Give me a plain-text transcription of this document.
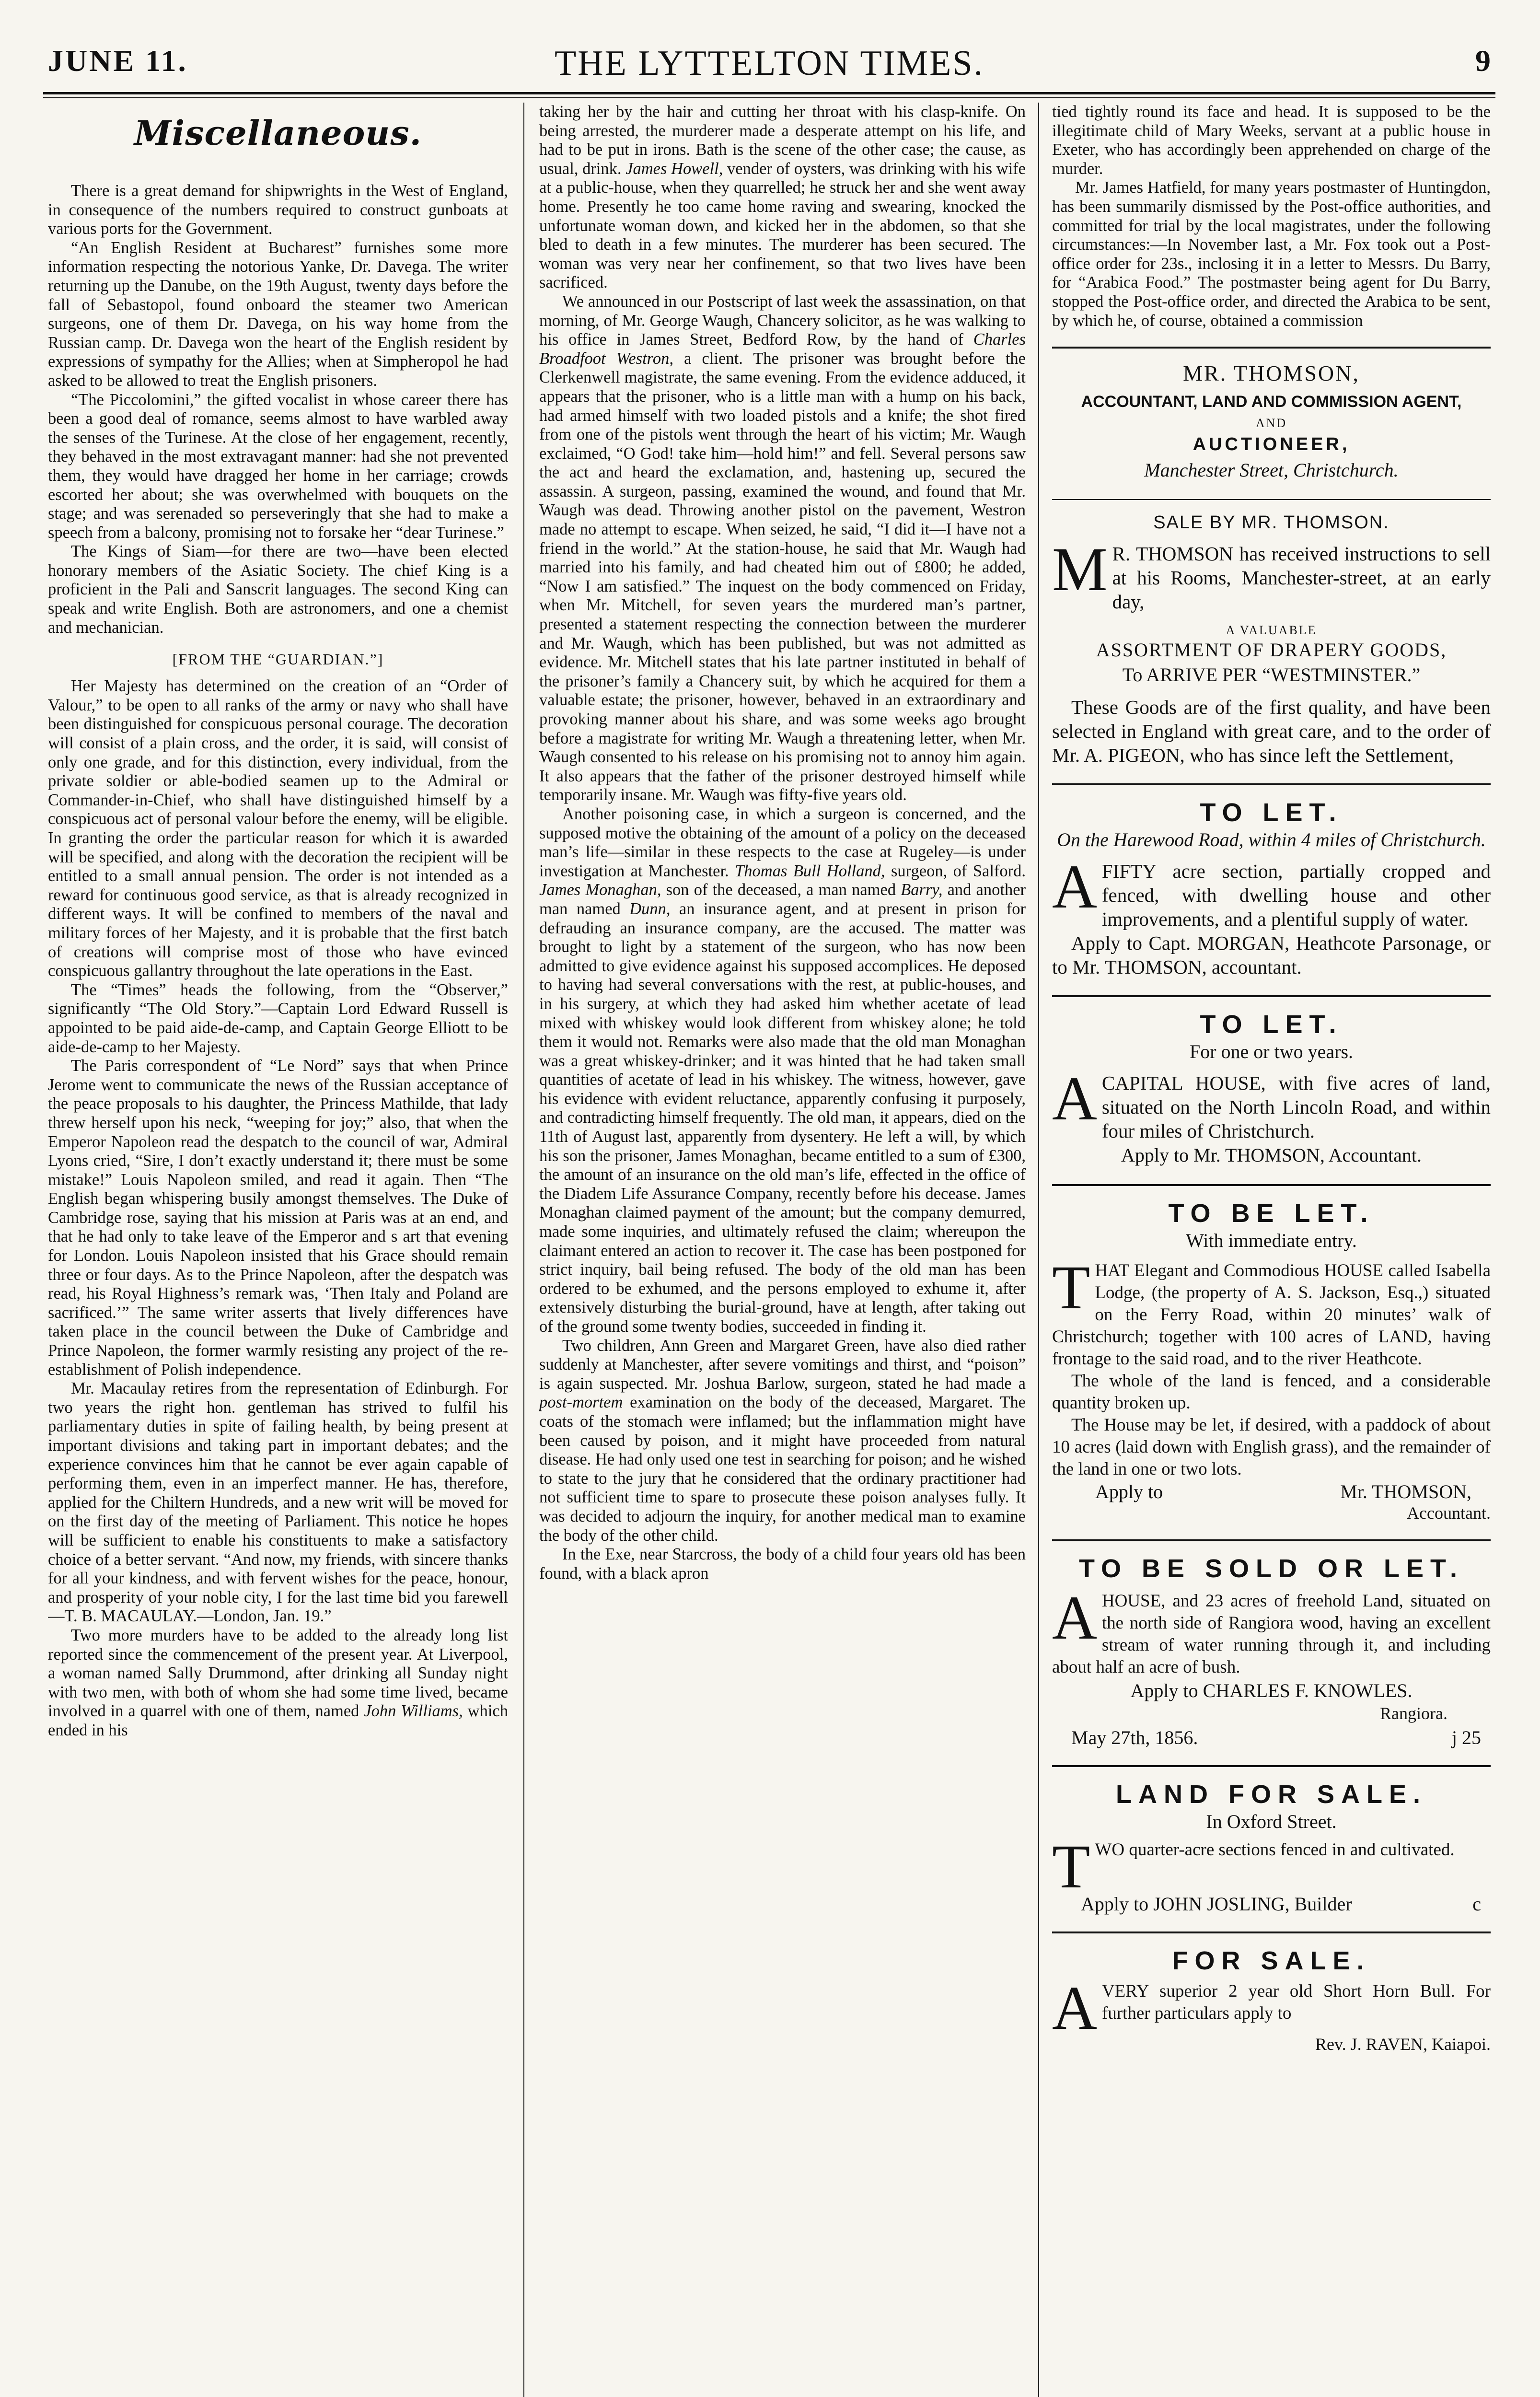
THE LYTTELTON TIMES.
JUNE 11.	9
Miscellaneous.

There is a great demand for shipwrights in the West of England, in consequence of the numbers required to construct gunboats at various ports for the Government.

“An English Resident at Bucharest” furnishes some more information respecting the notorious Yanke, Dr. Davega. The writer returning up the Danube, on the 19th August, twenty days before the fall of Sebastopol, found onboard the steamer two American surgeons, one of them Dr. Davega, on his way home from the Russian camp. Dr. Davega won the heart of the English resident by expressions of sympathy for the Allies; when at Simpheropol he had asked to be allowed to treat the English prisoners.

“The Piccolomini,” the gifted vocalist in whose career there has been a good deal of romance, seems almost to have warbled away the senses of the Turinese. At the close of her engagement, recently, they behaved in the most extravagant manner: had she not prevented them, they would have dragged her home in her carriage; crowds escorted her about; she was overwhelmed with bouquets on the stage; and was serenaded so perseveringly that she had to make a speech from a balcony, promising not to forsake her “dear Turinese.”

The Kings of Siam—for there are two—have been elected honorary members of the Asiatic Society. The chief King is a proficient in the Pali and Sanscrit languages. The second King can speak and write English. Both are astronomers, and one a chemist and mechanician.

[FROM THE “GUARDIAN.”]

Her Majesty has determined on the creation of an “Order of Valour,” to be open to all ranks of the army or navy who shall have been distinguished for conspicuous personal courage. The decoration will consist of a plain cross, and the order, it is said, will consist of only one grade, and for this distinction, every individual, from the private soldier or able-bodied seamen up to the Admiral or Commander-in-Chief, who shall have distinguished himself by a conspicuous act of personal valour before the enemy, will be eligible. In granting the order the particular reason for which it is awarded will be specified, and along with the decoration the recipient will be entitled to a small annual pension. The order is not intended as a reward for continuous good service, as that is already recognized in different ways. It will be confined to members of the naval and military forces of her Majesty, and it is probable that the first batch of creations will comprise most of those who have evinced conspicuous gallantry throughout the late operations in the East.

The “Times” heads the following, from the “Observer,” significantly “The Old Story.”—Captain Lord Edward Russell is appointed to be paid aide-de-camp, and Captain George Elliott to be aide-de-camp to her Majesty.

The Paris correspondent of “Le Nord” says that when Prince Jerome went to communicate the news of the Russian acceptance of the peace proposals to his daughter, the Princess Mathilde, that lady threw herself upon his neck, “weeping for joy;” also, that when the Emperor Napoleon read the despatch to the council of war, Admiral Lyons cried, “Sire, I don’t exactly understand it; there must be some mistake!” Louis Napoleon smiled, and read it again. Then “The English began whispering busily amongst themselves. The Duke of Cambridge rose, saying that his mission at Paris was at an end, and that he had only to take leave of the Emperor and s art that evening for London. Louis Napoleon insisted that his Grace should remain three or four days. As to the Prince Napoleon, after the despatch was read, his Royal Highness’s remark was, ‘Then Italy and Poland are sacrificed.’” The same writer asserts that lively differences have taken place in the council between the Duke of Cambridge and Prince Napoleon, the former warmly resisting any project of the re-establishment of Polish independence.

Mr. Macaulay retires from the representation of Edinburgh. For two years the right hon. gentleman has strived to fulfil his parliamentary duties in spite of failing health, by being present at important divisions and taking part in important debates; and the experience convinces him that he cannot be ever again capable of performing them, even in an imperfect manner. He has, therefore, applied for the Chiltern Hundreds, and a new writ will be moved for on the first day of the meeting of Parliament. This notice he hopes will be sufficient to enable his constituents to make a satisfactory choice of a better servant. “And now, my friends, with sincere thanks for all your kindness, and with fervent wishes for the peace, honour, and prosperity of your noble city, I for the last time bid you farewell—T. B. MACAULAY.—London, Jan. 19.”

Two more murders have to be added to the already long list reported since the commencement of the present year. At Liverpool, a woman named Sally Drummond, after drinking all Sunday night with two men, with both of whom she had some time lived, became involved in a quarrel with one of them, named John Williams, which ended in his

taking her by the hair and cutting her throat with his clasp-knife. On being arrested, the murderer made a desperate attempt on his life, and had to be put in irons. Bath is the scene of the other case; the cause, as usual, drink. James Howell, vender of oysters, was drinking with his wife at a public-house, when they quarrelled; he struck her and she went away home. Presently he too came home raving and swearing, knocked the unfortunate woman down, and kicked her in the abdomen, so that she bled to death in a few minutes. The murderer has been secured. The woman was very near her confinement, so that two lives have been sacrificed.

We announced in our Postscript of last week the assassination, on that morning, of Mr. George Waugh, Chancery solicitor, as he was walking to his office in James Street, Bedford Row, by the hand of Charles Broadfoot Westron, a client. The prisoner was brought before the Clerkenwell magistrate, the same evening. From the evidence adduced, it appears that the prisoner, who is a little man with a hump on his back, had armed himself with two loaded pistols and a knife; the shot fired from one of the pistols went through the heart of his victim; Mr. Waugh exclaimed, “O God! take him—hold him!” and fell. Several persons saw the act and heard the exclamation, and, hastening up, secured the assassin. A surgeon, passing, examined the wound, and found that Mr. Waugh was dead. Throwing another pistol on the pavement, Westron made no attempt to escape. When seized, he said, “I did it—I have not a friend in the world.” At the station-house, he said that Mr. Waugh had married into his family, and had cheated him out of £800; he added, “Now I am satisfied.” The inquest on the body commenced on Friday, when Mr. Mitchell, for seven years the murdered man’s partner, presented a statement respecting the connection between the murderer and Mr. Waugh, which has been published, but was not admitted as evidence. Mr. Mitchell states that his late partner instituted in behalf of the prisoner’s family a Chancery suit, by which he acquired for them a valuable estate; the prisoner, however, behaved in an extraordinary and provoking manner about his share, and was some weeks ago brought before a magistrate for writing Mr. Waugh a threatening letter, when Mr. Waugh consented to his release on his promising not to annoy him again. It also appears that the father of the prisoner destroyed himself while temporarily insane. Mr. Waugh was fifty-five years old.

Another poisoning case, in which a surgeon is concerned, and the supposed motive the obtaining of the amount of a policy on the deceased man’s life—similar in these respects to the case at Rugeley—is under investigation at Manchester. Thomas Bull Holland, surgeon, of Salford. James Monaghan, son of the deceased, a man named Barry, and another man named Dunn, an insurance agent, and at present in prison for defrauding an insurance company, are the accused. The matter was brought to light by a statement of the surgeon, who has now been admitted to give evidence against his supposed accomplices. He deposed to having had several conversations with the rest, at public-houses, and in his surgery, at which they had asked him whether acetate of lead mixed with whiskey would look different from whiskey alone; he told them it would not. Remarks were also made that the old man Monaghan was a great whiskey-drinker; and it was hinted that he had taken small quantities of acetate of lead in his whiskey. The witness, however, gave his evidence with evident reluctance, apparently confusing it purposely, and contradicting himself frequently. The old man, it appears, died on the 11th of August last, apparently from dysentery. He left a will, by which his son the prisoner, James Monaghan, became entitled to a sum of £300, the amount of an insurance on the old man’s life, effected in the office of the Diadem Life Assurance Company, recently before his decease. James Monaghan claimed payment of the amount; but the company demurred, made some inquiries, and ultimately refused the claim; whereupon the claimant entered an action to recover it. The case has been postponed for strict inquiry, bail being refused. The body of the old man has been ordered to be exhumed, and the persons employed to exhume it, after extensively disturbing the burial-ground, have at length, after taking out of the ground some twenty bodies, succeeded in finding it.

Two children, Ann Green and Margaret Green, have also died rather suddenly at Manchester, after severe vomitings and thirst, and “poison” is again suspected. Mr. Joshua Barlow, surgeon, stated he had made a post-mortem examination on the body of the deceased, Margaret. The coats of the stomach were inflamed; but the inflammation might have been caused by poison, and it might have proceeded from natural disease. He had only used one test in searching for poison; and he wished to state to the jury that he considered that the ordinary practitioner had not sufficient time to spare to prosecute these poison analyses fully. It was decided to adjourn the inquiry, for another medical man to examine the body of the other child.

In the Exe, near Starcross, the body of a child four years old has been found, with a black apron

tied tightly round its face and head. It is supposed to be the illegitimate child of Mary Weeks, servant at a public house in Exeter, who has accordingly been apprehended on charge of the murder.

Mr. James Hatfield, for many years postmaster of Huntingdon, has been summarily dismissed by the Post-office authorities, and committed for trial by the local magistrates, under the following circumstances:—In November last, a Mr. Fox took out a Post-office order for 23s., inclosing it in a letter to Messrs. Du Barry, for “Arabica Food.” The postmaster being agent for Du Barry, stopped the Post-office order, and directed the Arabica to be sent, by which he, of course, obtained a commission

MR. THOMSON,
ACCOUNTANT, LAND AND COMMISSION AGENT,
AND
AUCTIONEER,
Manchester Street, Christchurch.
SALE BY MR. THOMSON.
M R. THOMSON has received instructions to sell at his Rooms, Manchester-street, at an early day,
A VALUABLE
ASSORTMENT OF DRAPERY GOODS,
To ARRIVE PER “WESTMINSTER.”
These Goods are of the first quality, and have been selected in England with great care, and to the order of Mr. A. PIGEON, who has since left the Settlement,
TO LET.
On the Harewood Road, within 4 miles of Christchurch.
A FIFTY acre section, partially cropped and fenced, with dwelling house and other improvements, and a plentiful supply of water.
Apply to Capt. MORGAN, Heathcote Parsonage, or to Mr. THOMSON, accountant.
TO LET.
For one or two years.
A CAPITAL HOUSE, with five acres of land, situated on the North Lincoln Road, and within four miles of Christchurch.
Apply to Mr. THOMSON, Accountant.
TO BE LET.
With immediate entry.
THAT Elegant and Commodious HOUSE called Isabella Lodge, (the property of A. S. Jackson, Esq.,) situated on the Ferry Road, within 20 minutes’ walk of Christchurch; together with 100 acres of LAND, having frontage to the said road, and to the river Heathcote.
The whole of the land is fenced, and a considerable quantity broken up.
The House may be let, if desired, with a paddock of about 10 acres (laid down with English grass), and the remainder of the land in one or two lots.
Apply to	Mr. THOMSON,
Accountant.
TO BE SOLD OR LET.
A HOUSE, and 23 acres of freehold Land, situated on the north side of Rangiora wood, having an excellent stream of water running through it, and including about half an acre of bush.
Apply to CHARLES F. KNOWLES.
Rangiora.
May 27th, 1856.	j 25
LAND FOR SALE.
In Oxford Street.
TWO quarter-acre sections fenced in and cultivated.
Apply to JOHN JOSLING, Builder	c
FOR SALE.
A VERY superior 2 year old Short Horn Bull. For further particulars apply to
Rev. J. RAVEN, Kaiapoi.
